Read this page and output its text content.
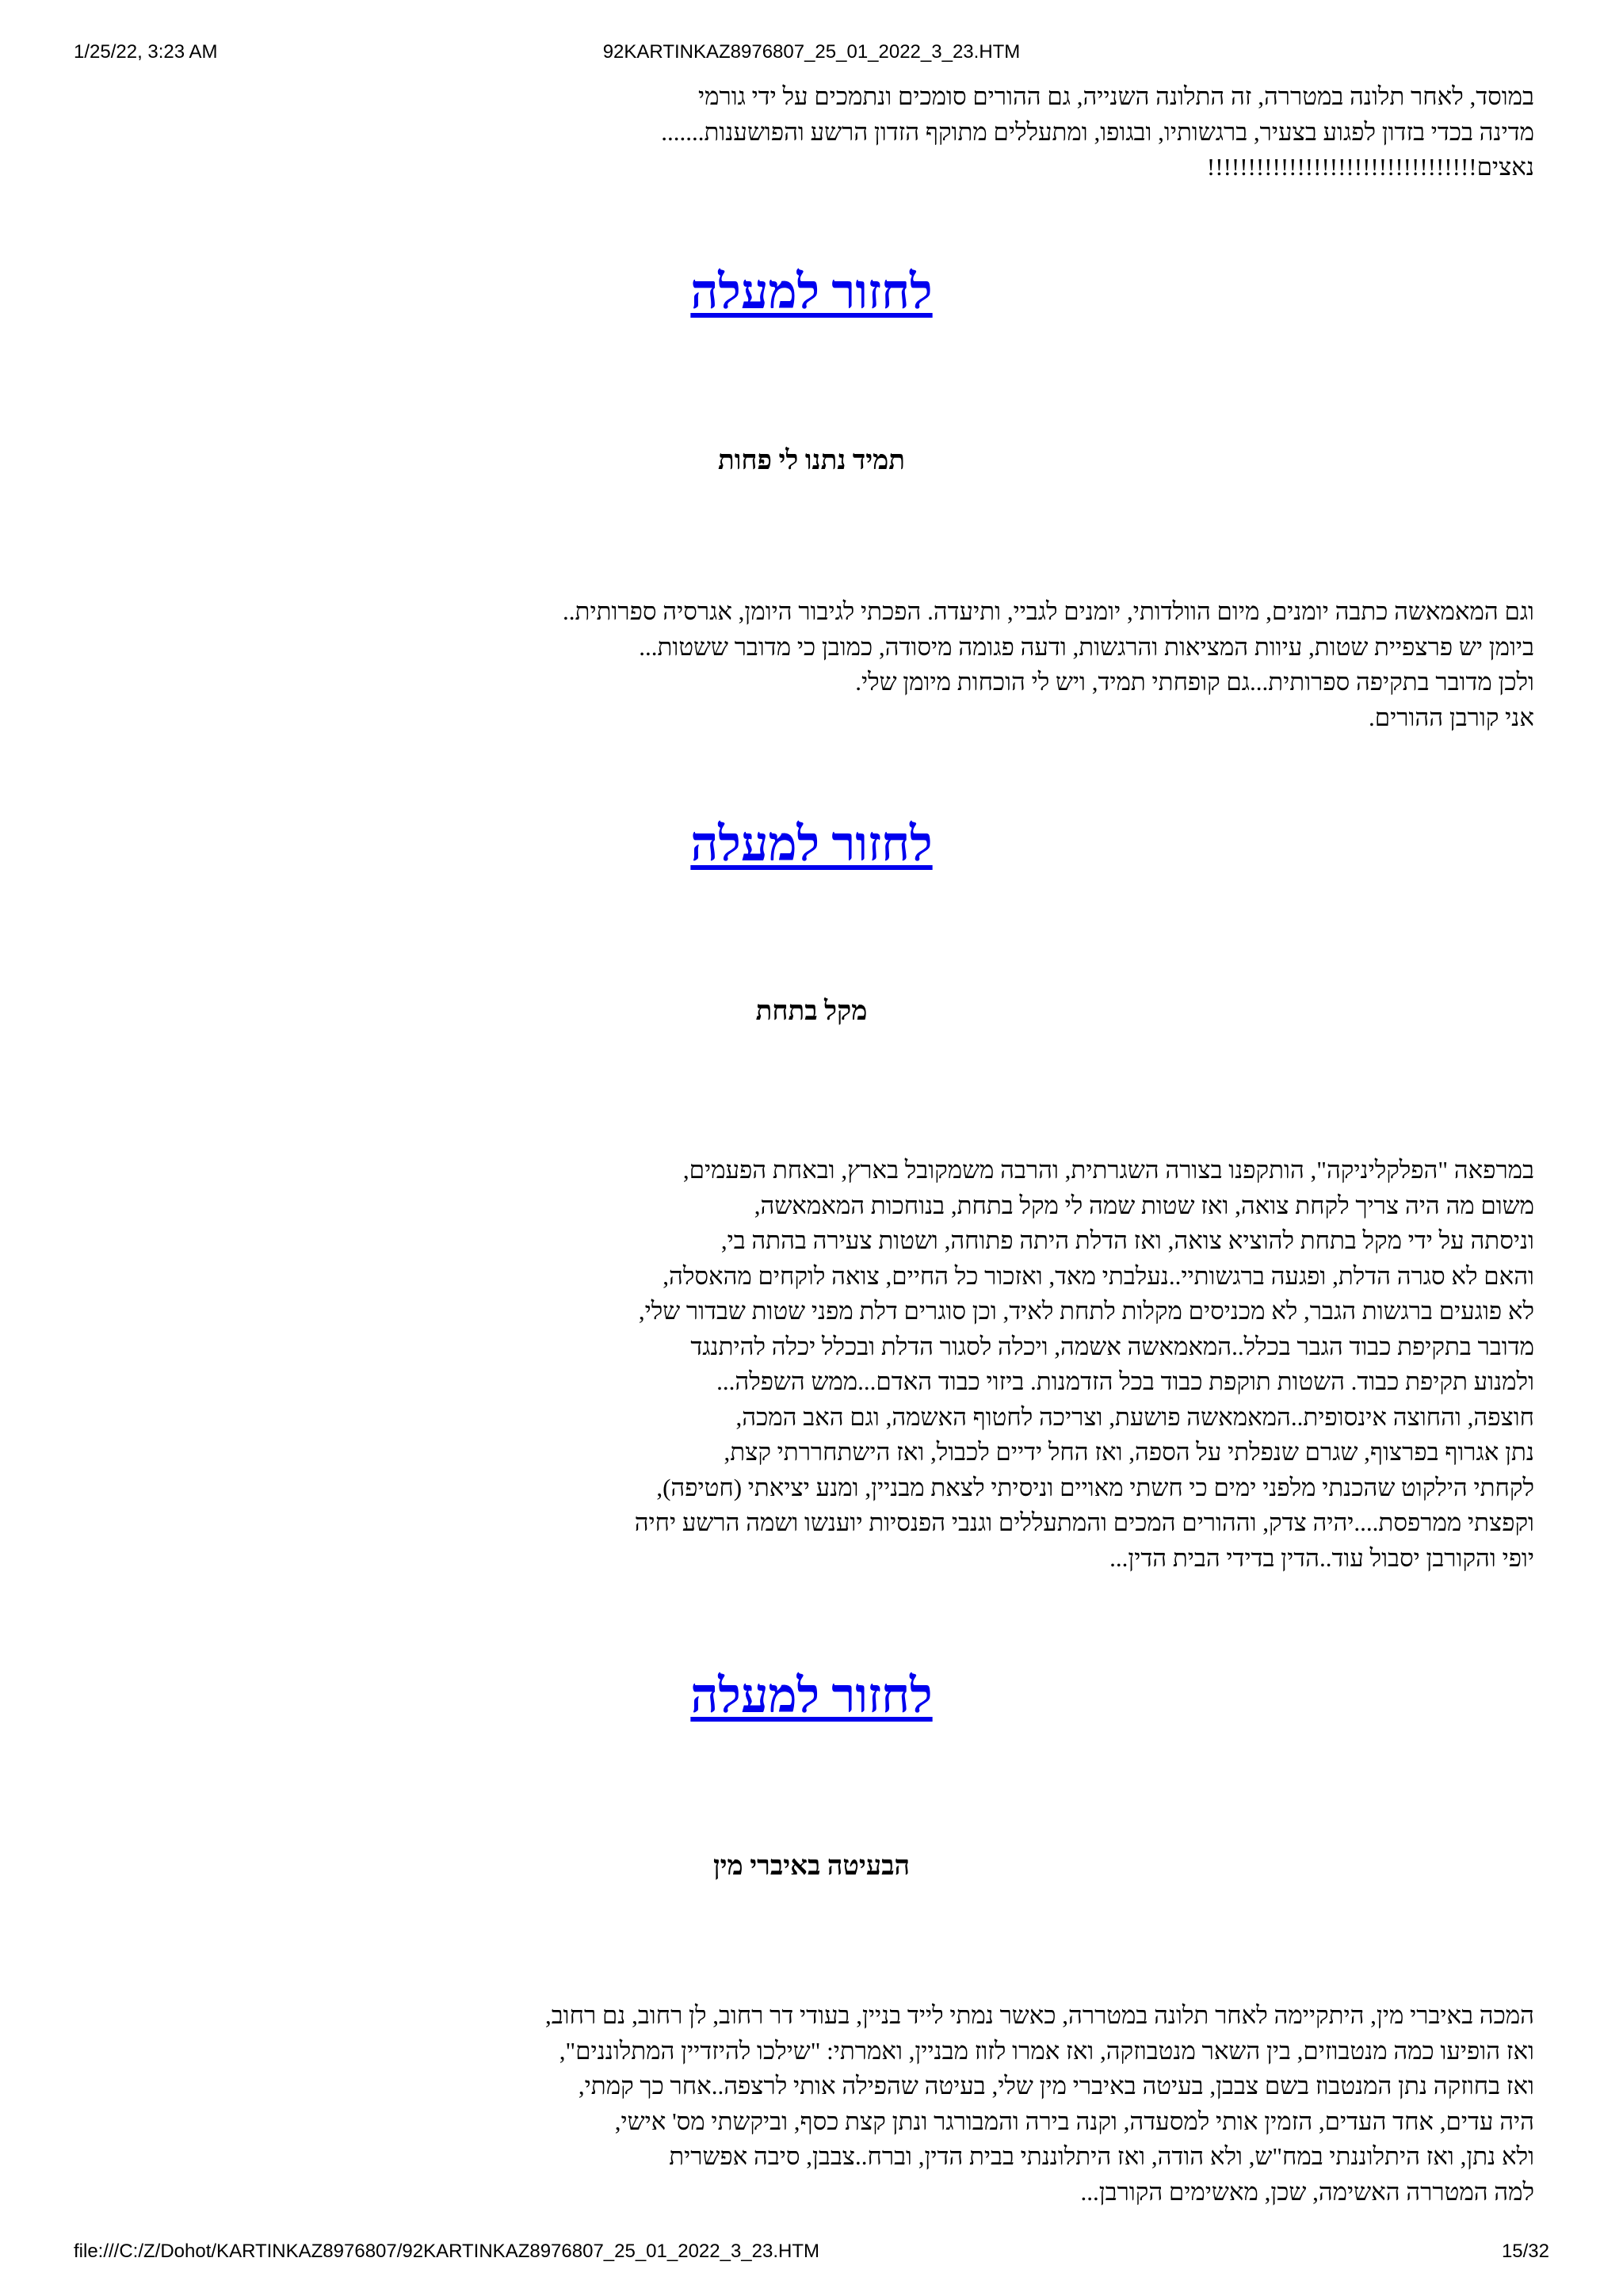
92KARTINKAZ8976807_25_01_2022_3_23.HTM
1/25/22, 3:23 AM
במוסד, לאחר תלונה במטררה, זה התלונה השנייה, גם ההורים סומכים ונתמכים על ידי גורמי
מדינה בכדי בזדון לפגוע בצעיר, ברגשותיו, ובגופו, ומתעללים מתוקף הזדון הרשע והפושענות.......
נאצים!!!!!!!!!!!!!!!!!!!!!!!!!!!!!!!!!
לחזור למעלה
תמיד נתנו לי פחות
וגם המאמאשה כתבה יומנים, מיום הוולדותי, יומנים לגביי, ותיעדה. הפכתי לגיבור היומן, אגרסיה ספרותית..
ביומן יש פרצפיית שטות, עיוות המציאות והרגשות, ודעה פגומה מיסודה, כמובן כי מדובר ששטות...
ולכן מדובר בתקיפה ספרותית...גם קופחתי תמיד, ויש לי הוכחות מיומן שלי.
אני קורבן ההורים.
לחזור למעלה
מקל בתחת
במרפאה "הפלקליניקה", הותקפנו בצורה השגרתית, והרבה משמקובל בארץ, ובאחת הפעמים,
משום מה היה צריך לקחת צואה, ואז שטות שמה לי מקל בתחת, בנוחכות המאמאשה,
וניסתה על ידי מקל בתחת להוציא צואה, ואז הדלת היתה פתוחה, ושטות צעירה בהתה בי,
והאם לא סגרה הדלת, ופגעה ברגשותיי..נעלבתי מאד, ואזכור כל החיים, צואה לוקחים מהאסלה,
לא פוגעים ברגשות הגבר, לא מכניסים מקלות לתחת לאיד, וכן סוגרים דלת מפני שטות שבדור שלי,
מדובר בתקיפת כבוד הגבר בכלל..המאמאשה אשמה, ויכלה לסגור הדלת ובכלל יכלה להיתנגד
ולמנוע תקיפת כבוד. השטות תוקפת כבוד בכל הזדמנות. ביזוי כבוד האדם...ממש השפלה...
חוצפה, והחוצה אינסופית..המאמאשה פושעת, וצריכה לחטוף האשמה, וגם האב המכה,
נתן אגרוף בפרצוף, שגרם שנפלתי על הספה, ואז החל ידיים לכבול, ואז הישתחררתי קצת,
לקחתי הילקוט שהכנתי מלפני ימים כי חשתי מאויים וניסיתי לצאת מבניין, ומנע יציאתי (חטיפה),
וקפצתי ממרפסת....יהיה צדק, וההורים המכים והמתעללים וגנבי הפנסיות יוענשו ושמה הרשע יחיה
יופי והקורבן יסבול עוד..הדין בדידי הבית הדין...
לחזור למעלה
הבעיטה באיברי מין
המכה באיברי מין, היתקיימה לאחר תלונה במטררה, כאשר נמתי לייד בניין, בעודי דר רחוב, לן רחוב, נם רחוב,
ואז הופיעו כמה מנטבוזים, בין השאר מנטבוזקה, ואז אמרו לזוז מבניין, ואמרתי: "שילכו להיזדיין המתלוננים",
ואז בחוזקה נתן המנטבוז בשם צבבן, בעיטה באיברי מין שלי, בעיטה שהפילה אותי לרצפה..אחר כך קמתי,
היה עדים, אחד העדים, הזמין אותי למסעדה, וקנה בירה והמבורגר ונתן קצת כסף, וביקשתי מס' אישי,
ולא נתן, ואז היתלוננתי במח"ש, ולא הודה, ואז היתלוננתי בבית הדין, וברח..צבבן, סיבה אפשרית
למה המטררה האשימה, שכן, מאשימים הקורבן...
file:///C:/Z/Dohot/KARTINKAZ8976807/92KARTINKAZ8976807_25_01_2022_3_23.HTM	15/32
